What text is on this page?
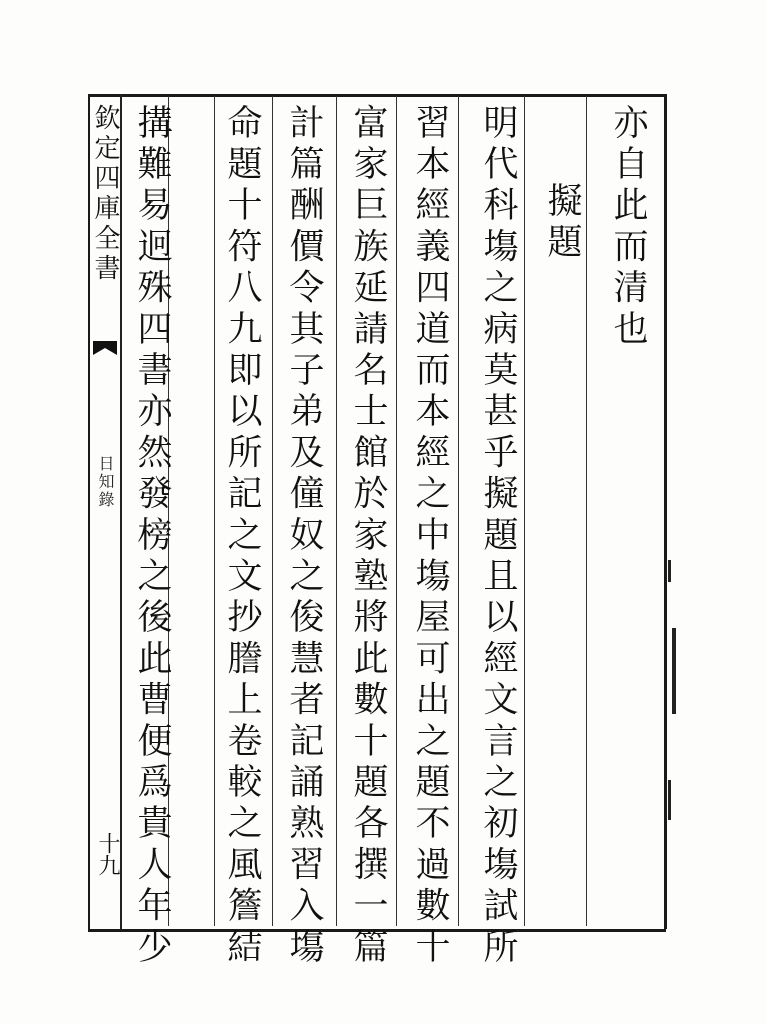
亦自此而清也
擬題
明代科塲之病莫甚乎擬題且以經文言之初塲試所
習本經義四道而本經之中塲屋可出之題不過數十
富家巨族延請名士館於家塾將此數十題各撰一篇
計篇酬價令其子弟及僮奴之俊慧者記誦熟習入塲
命題十符八九即以所記之文抄謄上卷較之風簷結
搆難易迥殊四書亦然發榜之後此曹便爲貴人年少
欽定四庫全書
日知錄
十九
